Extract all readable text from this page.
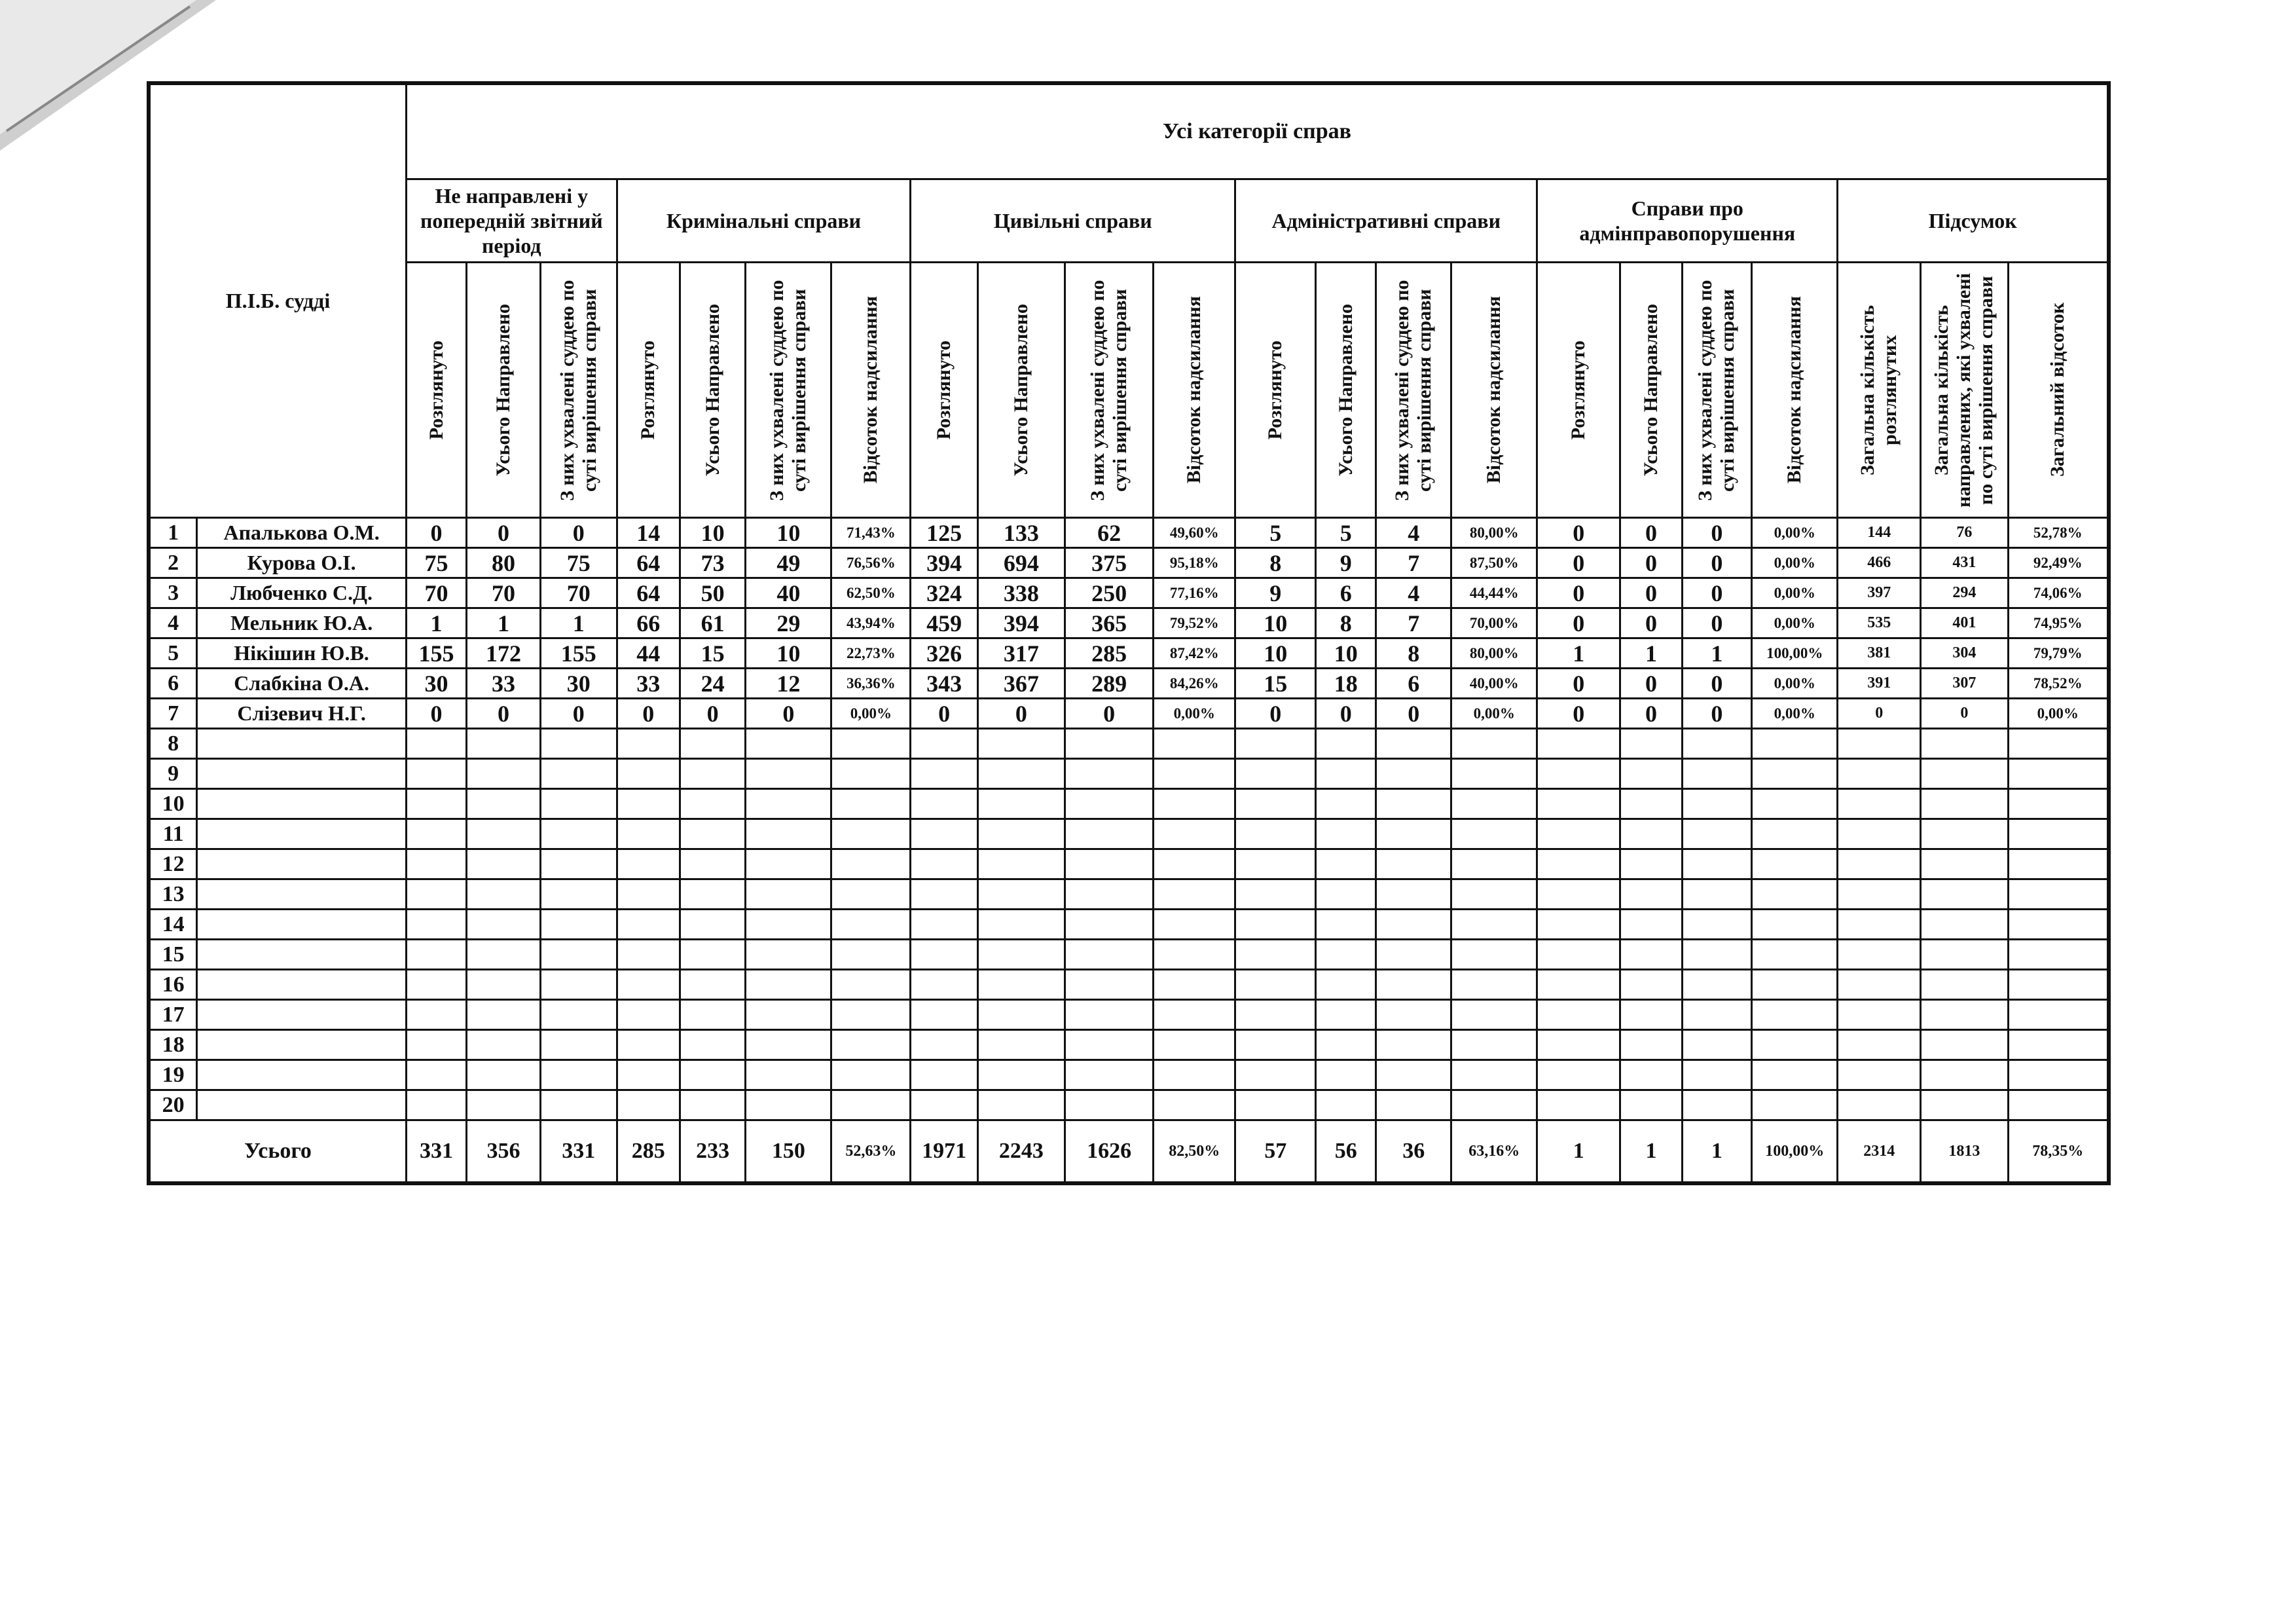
П.І.Б. судді		Усі категорії справ																					
		Не направлені у попередній звітний період			Кримінальні справи				Цивільні справи				Адміністративні справи				Справи про адмінправопорушення				Підсумок		

		Розглянуто	Усього Направлено	З них ухвалені суддею по суті вирішення справи	Розглянуто	Усього Направлено	З них ухвалені суддею по суті вирішення справи	Відсоток надсилання	Розглянуто	Усього Направлено	З них ухвалені суддею по суті вирішення справи	Відсоток надсилання	Розглянуто	Усього Направлено	З них ухвалені суддею по суті вирішення справи	Відсоток надсилання	Розглянуто	Усього Направлено	З них ухвалені суддею по суті вирішення справи	Відсоток надсилання	Загальна кількість розглянутих	Загальна кількість направлених, які ухвалені по суті вирішення справи	Загальний відсоток

1	Апалькова О.М.	0	0	0	14	10	10	71,43%	125	133	62	49,60%	5	5	4	80,00%	0	0	0	0,00%	144	76	52,78%
2	Курова О.І.	75	80	75	64	73	49	76,56%	394	694	375	95,18%	8	9	7	87,50%	0	0	0	0,00%	466	431	92,49%
3	Любченко С.Д.	70	70	70	64	50	40	62,50%	324	338	250	77,16%	9	6	4	44,44%	0	0	0	0,00%	397	294	74,06%
4	Мельник Ю.А.	1	1	1	66	61	29	43,94%	459	394	365	79,52%	10	8	7	70,00%	0	0	0	0,00%	535	401	74,95%
5	Нікішин Ю.В.	155	172	155	44	15	10	22,73%	326	317	285	87,42%	10	10	8	80,00%	1	1	1	100,00%	381	304	79,79%
6	Слабкіна О.А.	30	33	30	33	24	12	36,36%	343	367	289	84,26%	15	18	6	40,00%	0	0	0	0,00%	391	307	78,52%
7	Слізевич Н.Г.	0	0	0	0	0	0	0,00%	0	0	0	0,00%	0	0	0	0,00%	0	0	0	0,00%	0	0	0,00%
8																							
9																							
10																							
11																							
12																							
13																							
14																							
15																							
16																							
17																							
18																							
19																							
20																							
Усього		331	356	331	285	233	150	52,63%	1971	2243	1626	82,50%	57	56	36	63,16%	1	1	1	100,00%	2314	1813	78,35%
